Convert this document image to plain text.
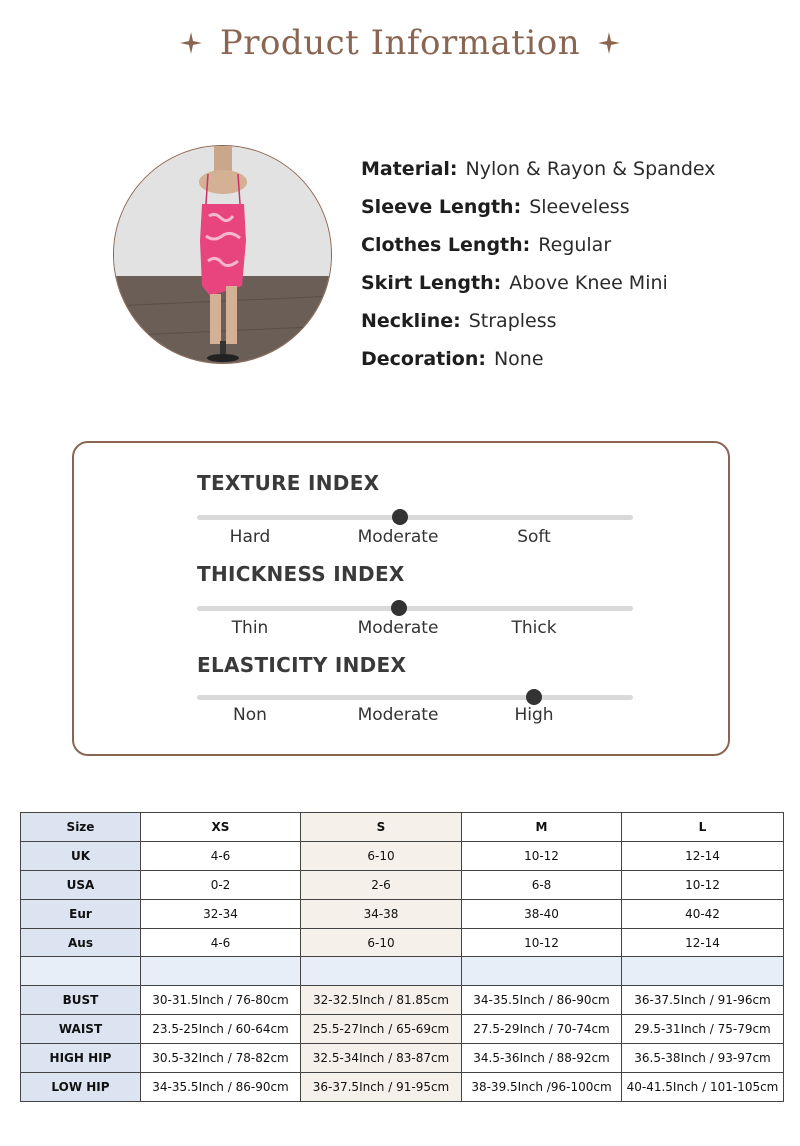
Product Information
Material: Nylon & Rayon & Spandex
Sleeve Length: Sleeveless
Clothes Length: Regular
Skirt Length: Above Knee Mini
Neckline: Strapless
Decoration: None
TEXTURE INDEX
Hard	Moderate	Soft
THICKNESS INDEX
Thin	Moderate	Thick
ELASTICITY INDEX
Non	Moderate	High
Size	XS	S	M	L
UK	4-6	6-10	10-12	12-14
USA	0-2	2-6	6-8	10-12
Eur	32-34	34-38	38-40	40-42
Aus	4-6	6-10	10-12	12-14

BUST	30-31.5Inch / 76-80cm	32-32.5Inch / 81.85cm	34-35.5Inch / 86-90cm	36-37.5Inch / 91-96cm
WAIST	23.5-25Inch / 60-64cm	25.5-27Inch / 65-69cm	27.5-29Inch / 70-74cm	29.5-31Inch / 75-79cm
HIGH HIP	30.5-32Inch / 78-82cm	32.5-34Inch / 83-87cm	34.5-36Inch / 88-92cm	36.5-38Inch / 93-97cm
LOW HIP	34-35.5Inch / 86-90cm	36-37.5Inch / 91-95cm	38-39.5Inch /96-100cm	40-41.5Inch / 101-105cm
